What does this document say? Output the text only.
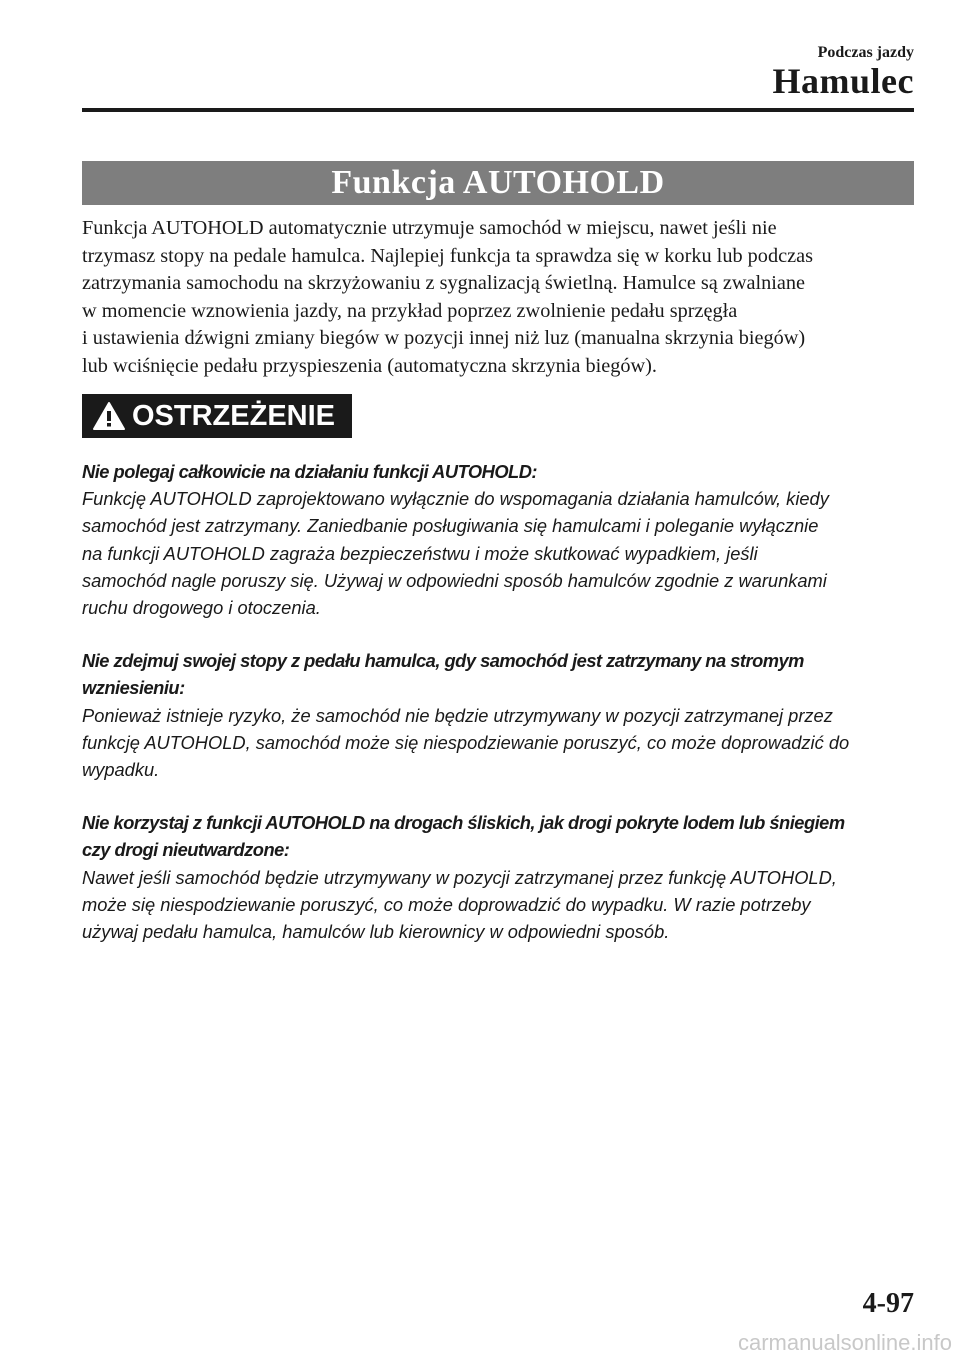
Podczas jazdy
Hamulec
Funkcja AUTOHOLD
Funkcja AUTOHOLD automatycznie utrzymuje samochód w miejscu, nawet jeśli nie
trzymasz stopy na pedale hamulca. Najlepiej funkcja ta sprawdza się w korku lub podczas
zatrzymania samochodu na skrzyżowaniu z sygnalizacją świetlną. Hamulce są zwalniane
w momencie wznowienia jazdy, na przykład poprzez zwolnienie pedału sprzęgła
i ustawienia dźwigni zmiany biegów w pozycji innej niż luz (manualna skrzynia biegów)
lub wciśnięcie pedału przyspieszenia (automatyczna skrzynia biegów).
OSTRZEŻENIE
Nie polegaj całkowicie na działaniu funkcji AUTOHOLD:
Funkcję AUTOHOLD zaprojektowano wyłącznie do wspomagania działania hamulców, kiedy
samochód jest zatrzymany. Zaniedbanie posługiwania się hamulcami i poleganie wyłącznie
na funkcji AUTOHOLD zagraża bezpieczeństwu i może skutkować wypadkiem, jeśli
samochód nagle poruszy się. Używaj w odpowiedni sposób hamulców zgodnie z warunkami
ruchu drogowego i otoczenia.
Nie zdejmuj swojej stopy z pedału hamulca, gdy samochód jest zatrzymany na stromym
wzniesieniu:
Ponieważ istnieje ryzyko, że samochód nie będzie utrzymywany w pozycji zatrzymanej przez
funkcję AUTOHOLD, samochód może się niespodziewanie poruszyć, co może doprowadzić do
wypadku.
Nie korzystaj z funkcji AUTOHOLD na drogach śliskich, jak drogi pokryte lodem lub śniegiem
czy drogi nieutwardzone:
Nawet jeśli samochód będzie utrzymywany w pozycji zatrzymanej przez funkcję AUTOHOLD,
może się niespodziewanie poruszyć, co może doprowadzić do wypadku. W razie potrzeby
używaj pedału hamulca, hamulców lub kierownicy w odpowiedni sposób.
4-97
carmanualsonline.info
